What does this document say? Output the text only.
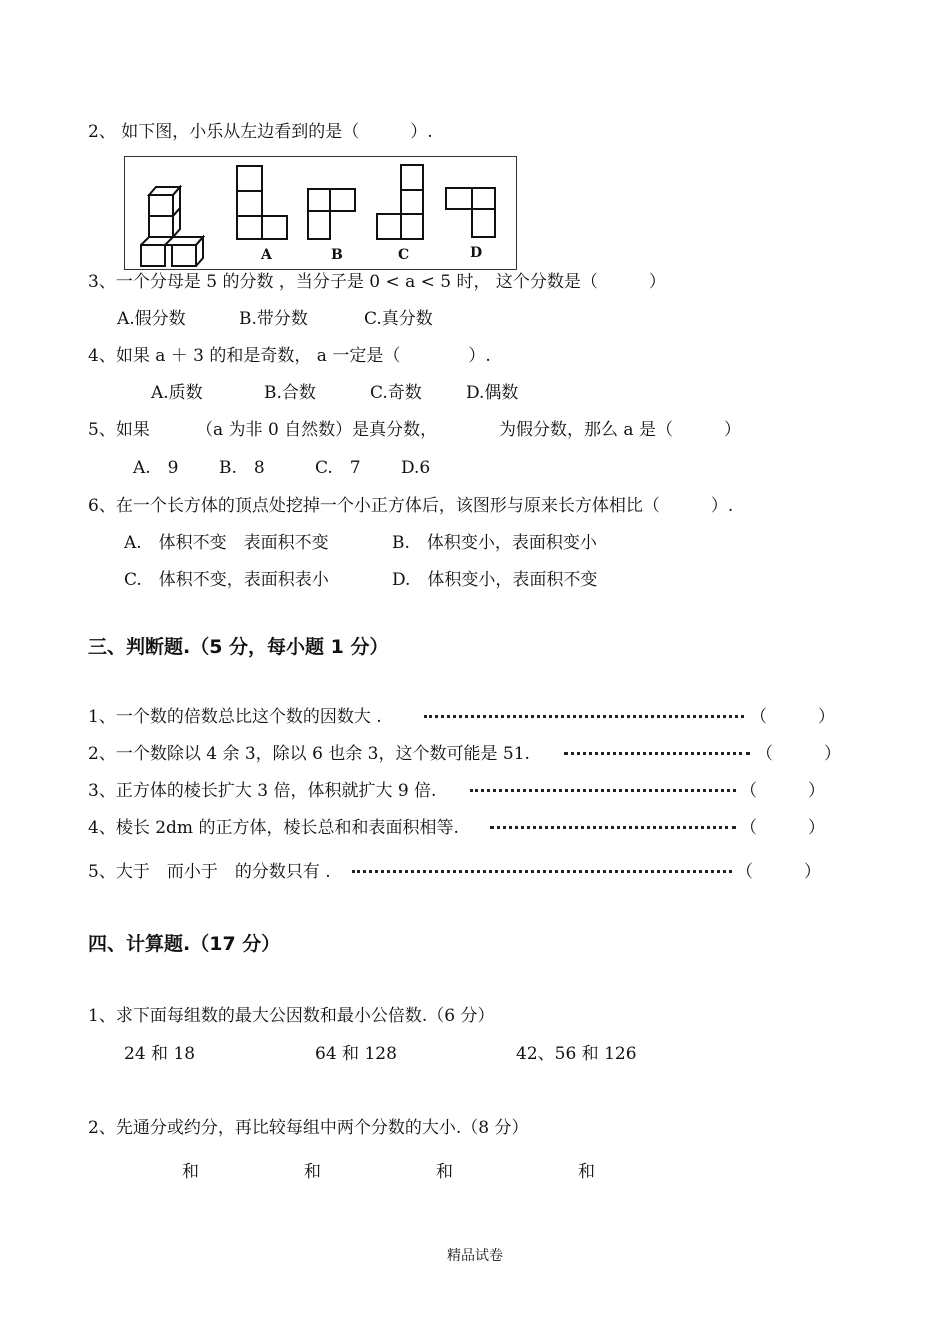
2、 如下图，小乐从左边看到的是（　　　）.
A	B	C	D
3、一个分母是 5 的分数 ，当分子是 0 < a < 5 时， 这个分数是（　　　）
A.假分数	B.带分数	C.真分数
4、如果 a ＋ 3 的和是奇数， a 一定是（　　　　）.
A.质数	B.合数	C.奇数	D.偶数
5、如果	（a 为非 0 自然数）是真分数，	为假分数，那么 a 是（　　　）
A.　9 B.　8	C.　7 D.6
6、在一个长方体的顶点处挖掉一个小正方体后，该图形与原来长方体相比（　　　）.
A.　体积不变　表面积不变	B.　体积变小，表面积变小
C.　体积不变，表面积表小	D.　体积变小，表面积不变
三、判断题.（5 分，每小题 1 分）
1、一个数的倍数总比这个数的因数大 .	（　　　）
2、一个数除以 4 余 3，除以 6 也余 3，这个数可能是 51.	（　　　）
3、正方体的棱长扩大 3 倍，体积就扩大 9 倍.	（　　　）
4、棱长 2dm 的正方体，棱长总和和表面积相等.	（　　　）
5、大于　而小于　的分数只有 .	（　　　）
四、计算题.（17 分）
1、求下面每组数的最大公因数和最小公倍数.（6 分）
24 和 18	64 和 128	42、56 和 126
2、先通分或约分，再比较每组中两个分数的大小.（8 分）
和	和	和	和
精品试卷
